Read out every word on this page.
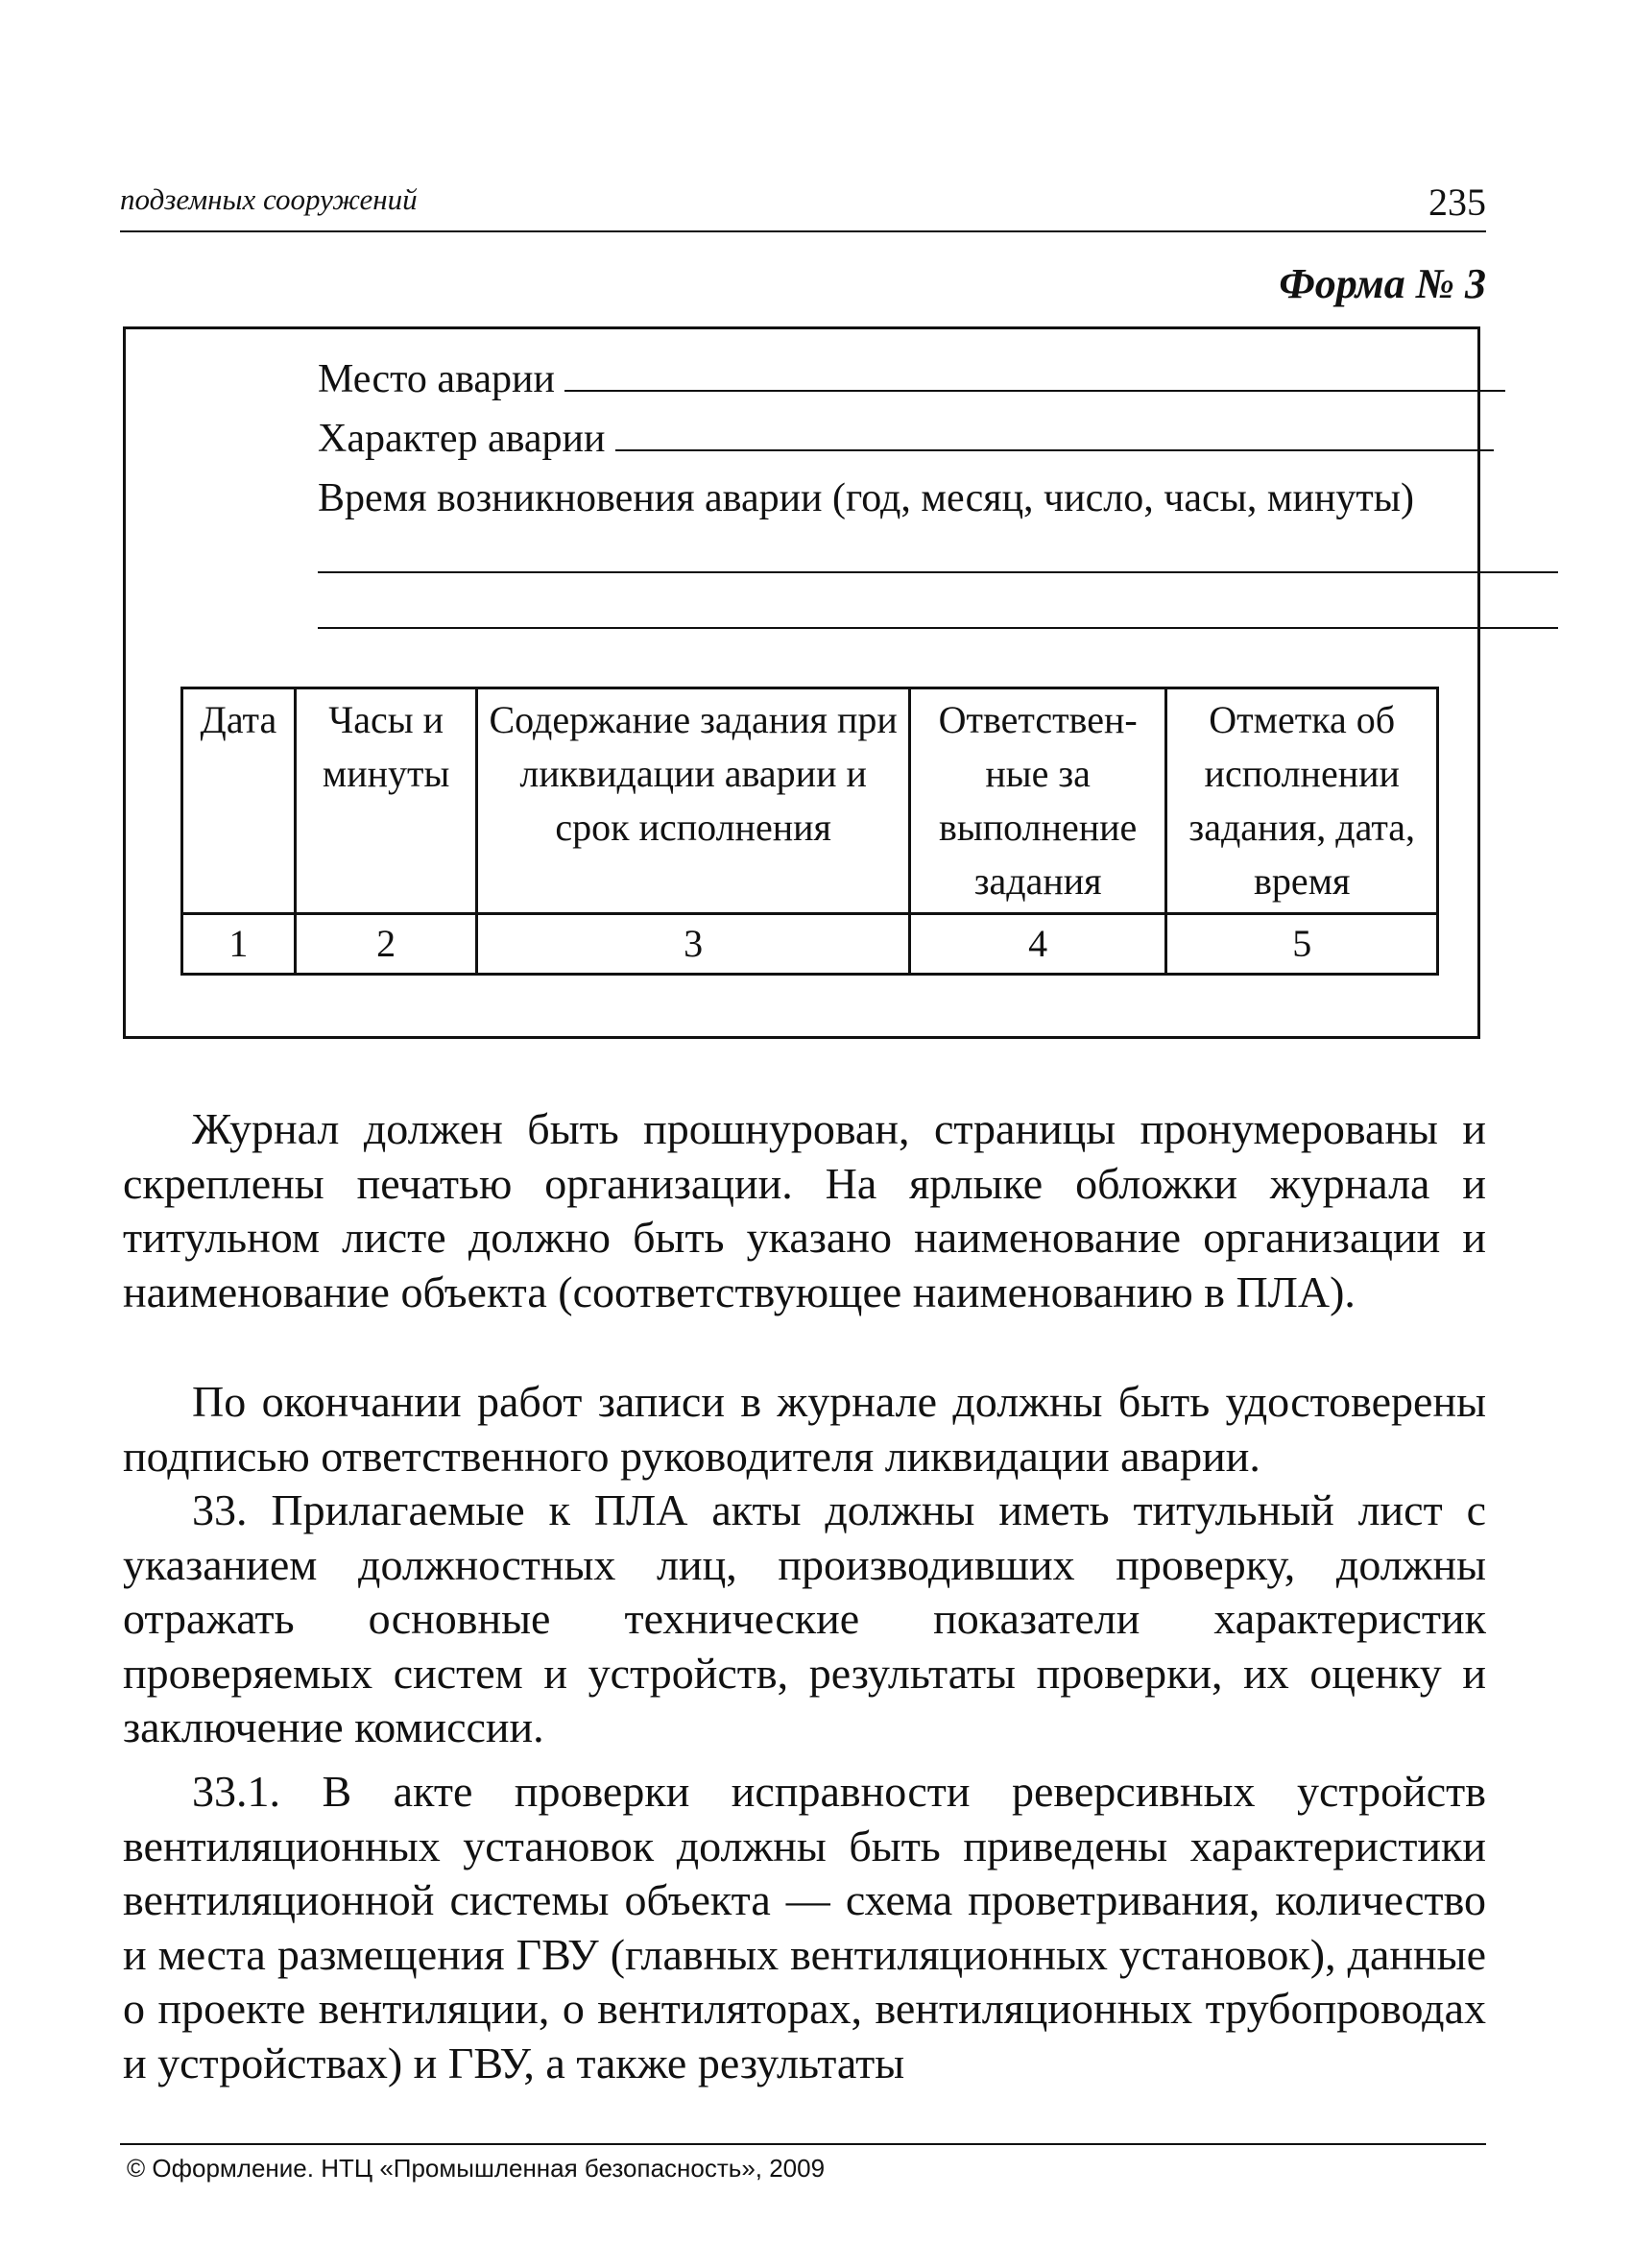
подземных сооружений	235
Форма № 3
Место аварии
Характер аварии
Время возникновения аварии (год, месяц, число, часы, минуты)
Дата	Часы и минуты	Содержание задания при ликвидации аварии и срок исполнения	Ответствен-ные за выполнение задания	Отметка об исполнении задания, дата, время
1	2	3	4	5

Журнал должен быть прошнурован, страницы пронумерованы и скреплены печатью организации. На ярлыке обложки журнала и титульном листе должно быть указано наименование организации и наименование объекта (соответствующее наименованию в ПЛА).

По окончании работ записи в журнале должны быть удостоверены подписью ответственного руководителя ликвидации аварии.

33. Прилагаемые к ПЛА акты должны иметь титульный лист с указанием должностных лиц, производивших проверку, должны отражать основные технические показатели характеристик проверяемых систем и устройств, результаты проверки, их оценку и заключение комиссии.

33.1. В акте проверки исправности реверсивных устройств вентиляционных установок должны быть приведены характеристики вентиляционной системы объекта — схема проветривания, количество и места размещения ГВУ (главных вентиляционных установок), данные о проекте вентиляции, о вентиляторах, вентиляционных трубопроводах и устройствах) и ГВУ, а также результаты

© Оформление. НТЦ «Промышленная безопасность», 2009
